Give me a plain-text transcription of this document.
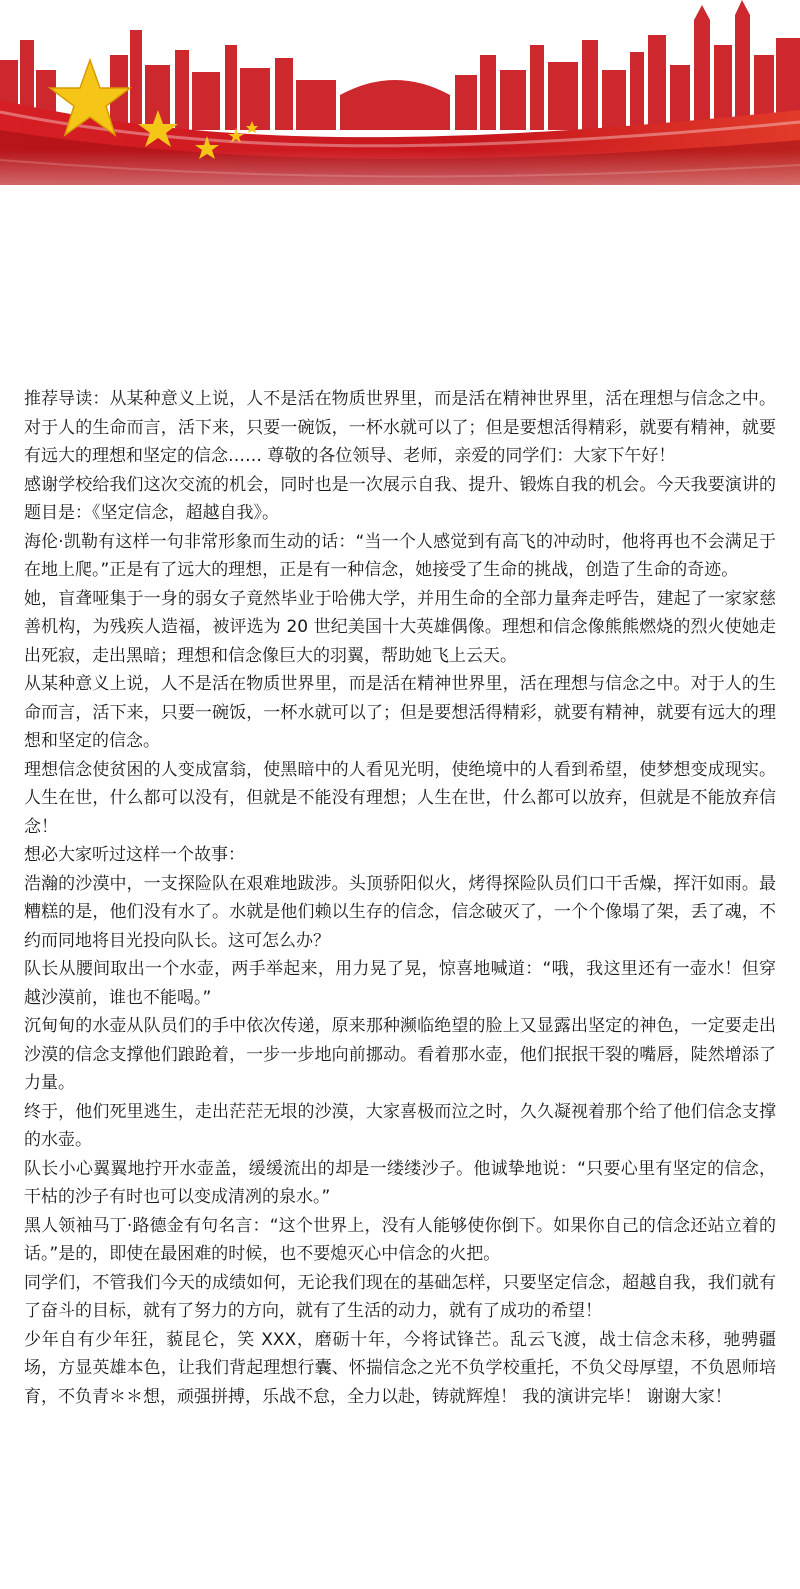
推荐导读：从某种意义上说，人不是活在物质世界里，而是活在精神世界里，活在理想与信念之中。对于人的生命而言，活下来，只要一碗饭，一杯水就可以了；但是要想活得精彩，就要有精神，就要有远大的理想和坚定的信念…… 尊敬的各位领导、老师，亲爱的同学们：大家下午好！

感谢学校给我们这次交流的机会，同时也是一次展示自我、提升、锻炼自我的机会。今天我要演讲的题目是：《坚定信念，超越自我》。

海伦·凯勒有这样一句非常形象而生动的话：“当一个人感觉到有高飞的冲动时，他将再也不会满足于在地上爬。”正是有了远大的理想，正是有一种信念，她接受了生命的挑战，创造了生命的奇迹。

她，盲聋哑集于一身的弱女子竟然毕业于哈佛大学，并用生命的全部力量奔走呼告，建起了一家家慈善机构，为残疾人造福，被评选为 20 世纪美国十大英雄偶像。理想和信念像熊熊燃烧的烈火使她走出死寂，走出黑暗；理想和信念像巨大的羽翼，帮助她飞上云天。

从某种意义上说，人不是活在物质世界里，而是活在精神世界里，活在理想与信念之中。对于人的生命而言，活下来，只要一碗饭，一杯水就可以了；但是要想活得精彩，就要有精神，就要有远大的理想和坚定的信念。

理想信念使贫困的人变成富翁，使黑暗中的人看见光明，使绝境中的人看到希望，使梦想变成现实。人生在世，什么都可以没有，但就是不能没有理想；人生在世，什么都可以放弃，但就是不能放弃信念！

想必大家听过这样一个故事：

浩瀚的沙漠中，一支探险队在艰难地跋涉。头顶骄阳似火，烤得探险队员们口干舌燥，挥汗如雨。最糟糕的是，他们没有水了。水就是他们赖以生存的信念，信念破灭了，一个个像塌了架，丢了魂，不约而同地将目光投向队长。这可怎么办？

队长从腰间取出一个水壶，两手举起来，用力晃了晃，惊喜地喊道：“哦，我这里还有一壶水！但穿越沙漠前，谁也不能喝。”

沉甸甸的水壶从队员们的手中依次传递，原来那种濒临绝望的脸上又显露出坚定的神色，一定要走出沙漠的信念支撑他们踉跄着，一步一步地向前挪动。看着那水壶，他们抿抿干裂的嘴唇，陡然增添了力量。

终于，他们死里逃生，走出茫茫无垠的沙漠，大家喜极而泣之时，久久凝视着那个给了他们信念支撑的水壶。

队长小心翼翼地拧开水壶盖，缓缓流出的却是一缕缕沙子。他诚挚地说：“只要心里有坚定的信念，干枯的沙子有时也可以变成清冽的泉水。”

黑人领袖马丁·路德金有句名言：“这个世界上，没有人能够使你倒下。如果你自己的信念还站立着的话。”是的，即使在最困难的时候，也不要熄灭心中信念的火把。

同学们，不管我们今天的成绩如何，无论我们现在的基础怎样，只要坚定信念，超越自我，我们就有了奋斗的目标，就有了努力的方向，就有了生活的动力，就有了成功的希望！

少年自有少年狂，藐昆仑，笑 XXX，磨砺十年，今将试锋芒。乱云飞渡，战士信念未移，驰骋疆场，方显英雄本色，让我们背起理想行囊、怀揣信念之光不负学校重托，不负父母厚望，不负恩师培育，不负青＊＊想，顽强拼搏，乐战不怠，全力以赴，铸就辉煌！ 我的演讲完毕！ 谢谢大家！
